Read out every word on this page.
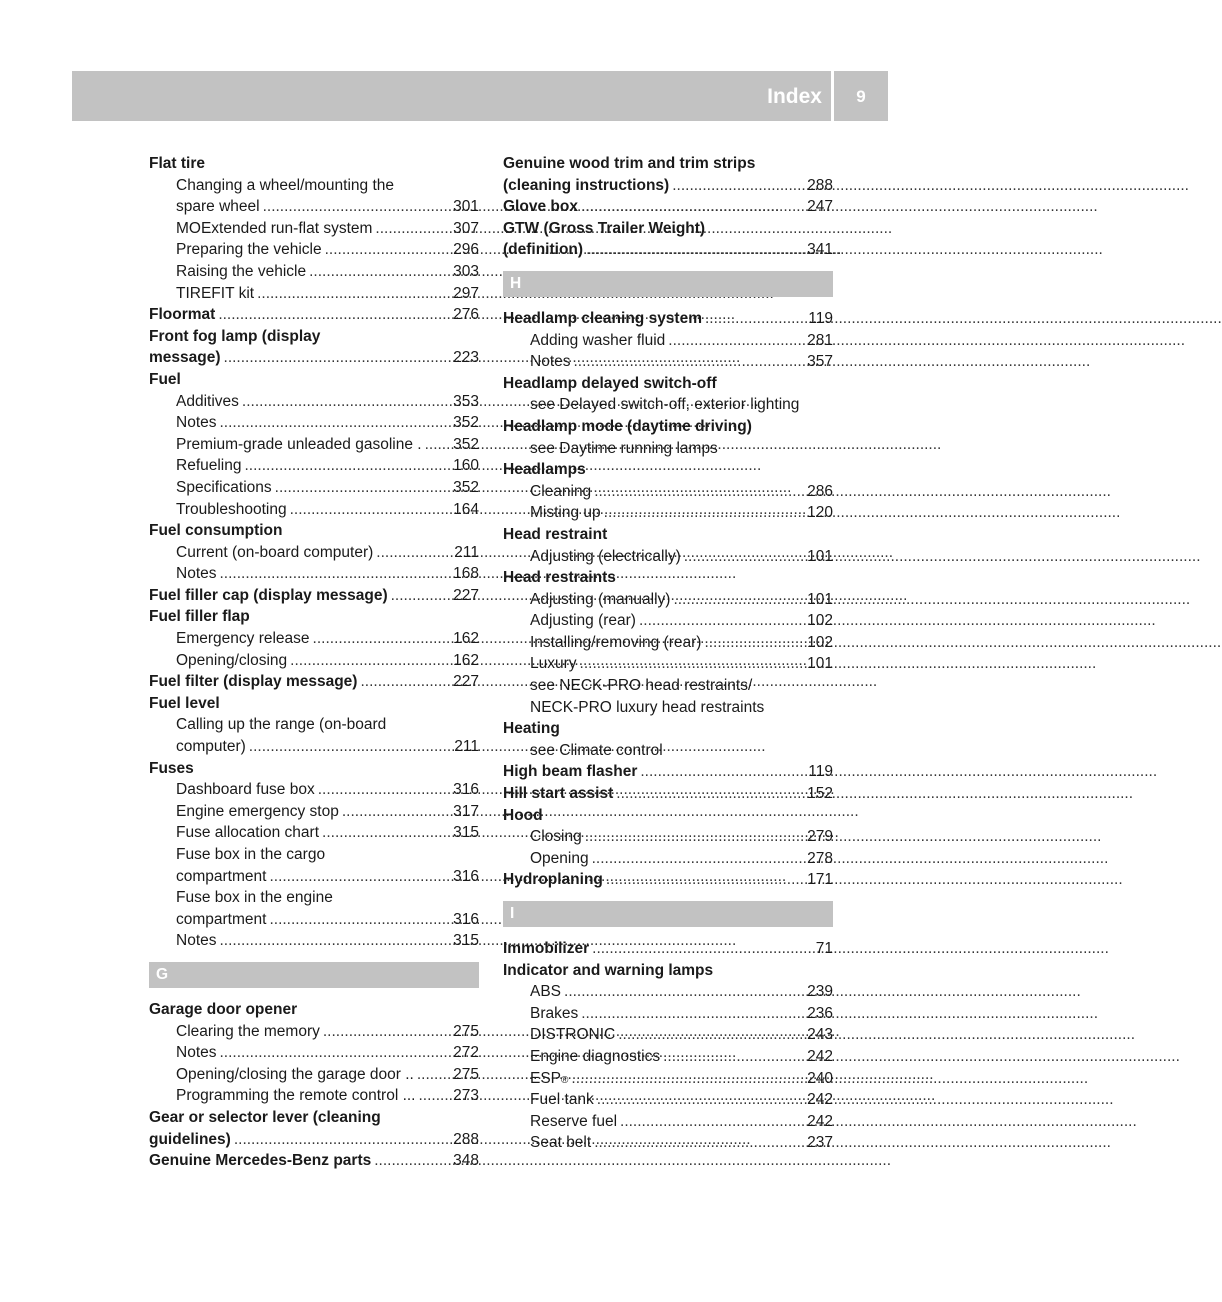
Index	9
Flat tire
Changing a wheel/mounting the
spare wheel .....	301
MOExtended run-flat system .....	307
Preparing the vehicle .....	296
Raising the vehicle .....	303
TIREFIT kit .....	297
Floormat .....	276
Front fog lamp (display
message) .....	223
Fuel
Additives .....	353
Notes .....	352
Premium-grade unleaded gasoline . ..... 352
Refueling .....	160
Specifications .....	352
Troubleshooting .....	164
Fuel consumption
Current (on-board computer) .....	211
Notes .....	168
Fuel filler cap (display message) .....	227
Fuel filler flap
Emergency release .....	162
Opening/closing .....	162
Fuel filter (display message) .....	227
Fuel level
Calling up the range (on-board
computer) .....	211
Fuses
Dashboard fuse box .....	316
Engine emergency stop .....	317
Fuse allocation chart .....	315
Fuse box in the cargo
compartment .....	316
Fuse box in the engine
compartment .....	316
Notes .....	315
G
Garage door opener
Clearing the memory .....	275
Notes .....	272
Opening/closing the garage door .. .....	275
Programming the remote control ... ..... 273
Gear or selector lever (cleaning
guidelines) .....	288
Genuine Mercedes-Benz parts .....	348
Genuine wood trim and trim strips
(cleaning instructions) .....	288
Glove box .....	247
GTW (Gross Trailer Weight)
(definition) .....	341
H
Headlamp cleaning system .....	119
Adding washer fluid .....	281
Notes .....	357
Headlamp delayed switch-off
see Delayed switch-off, exterior lighting
Headlamp mode (daytime driving)
see Daytime running lamps
Headlamps
Cleaning .....	286
Misting up .....	120
Head restraint
Adjusting (electrically) .....	101
Head restraints
Adjusting (manually) .....	101
Adjusting (rear) .....	102
Installing/removing (rear) .....	102
Luxury .....	101
see NECK-PRO head restraints/
NECK-PRO luxury head restraints
Heating
see Climate control
High beam flasher .....	119
Hill start assist .....	152
Hood
Closing .....	279
Opening .....	278
Hydroplaning .....	171
I
Immobilizer .....	71
Indicator and warning lamps
ABS .....	239
Brakes .....	236
DISTRONIC .....	243
Engine diagnostics .....	242
ESP ® .....	240
Fuel tank .....	242
Reserve fuel .....	242
Seat belt .....	237
